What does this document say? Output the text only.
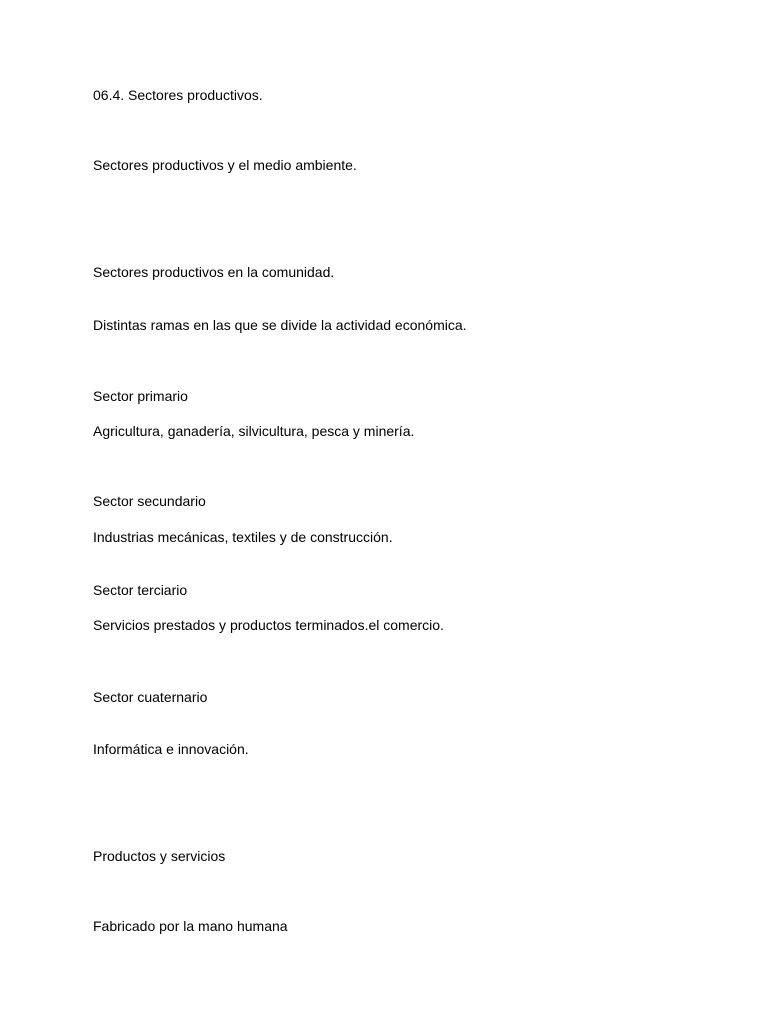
06.4. Sectores productivos.

Sectores productivos y el medio ambiente.

Sectores productivos en la comunidad.

Distintas ramas en las que se divide la actividad económica.

Sector primario

Agricultura, ganadería, silvicultura, pesca y minería.

Sector secundario

Industrias mecánicas, textiles y de construcción.

Sector terciario

Servicios prestados y productos terminados.el comercio.

Sector cuaternario

Informática e innovación.

Productos y servicios

Fabricado por la mano humana
